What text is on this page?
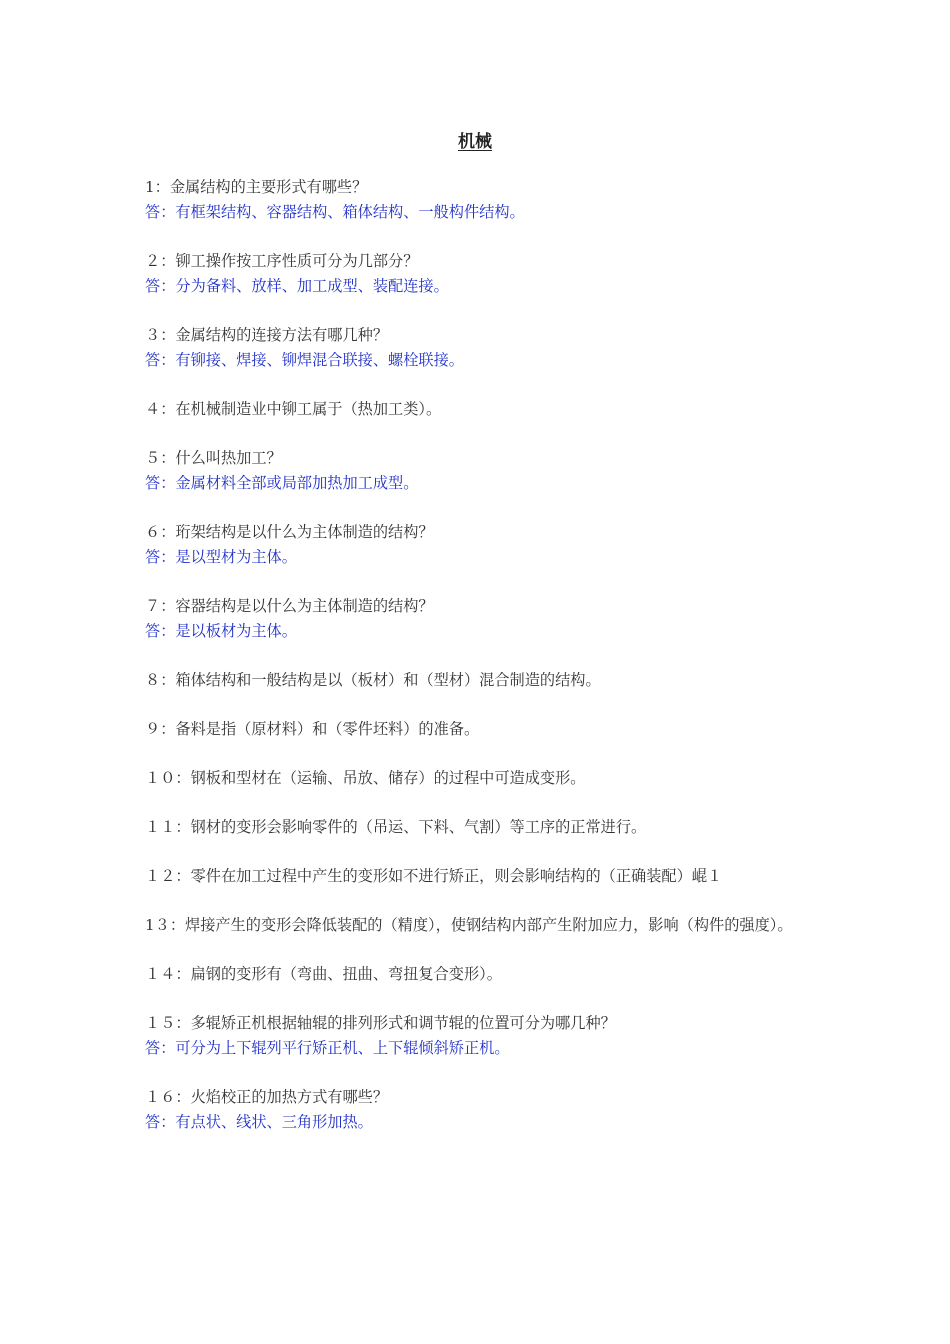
机械
1：金属结构的主要形式有哪些？
答：有框架结构、容器结构、箱体结构、一般构件结构。
２：铆工操作按工序性质可分为几部分？
答：分为备料、放样、加工成型、装配连接。
３：金属结构的连接方法有哪几种？
答：有铆接、焊接、铆焊混合联接、螺栓联接。
４：在机械制造业中铆工属于（热加工类）。
５：什么叫热加工？
答：金属材料全部或局部加热加工成型。
６：珩架结构是以什么为主体制造的结构？
答：是以型材为主体。
７：容器结构是以什么为主体制造的结构？
答：是以板材为主体。
８：箱体结构和一般结构是以（板材）和（型材）混合制造的结构。
９：备料是指（原材料）和（零件坯料）的准备。
１０：钢板和型材在（运输、吊放、储存）的过程中可造成变形。
１１：钢材的变形会影响零件的（吊运、下料、气割）等工序的正常进行。
１２：零件在加工过程中产生的变形如不进行矫正，则会影响结构的（正确装配）崐１
1３：焊接产生的变形会降低装配的（精度），使钢结构内部产生附加应力，影响（构件的强度）。
１４：扁钢的变形有（弯曲、扭曲、弯扭复合变形）。
１５：多辊矫正机根据轴辊的排列形式和调节辊的位置可分为哪几种？
答：可分为上下辊列平行矫正机、上下辊倾斜矫正机。
１６：火焰校正的加热方式有哪些？
答：有点状、线状、三角形加热。
